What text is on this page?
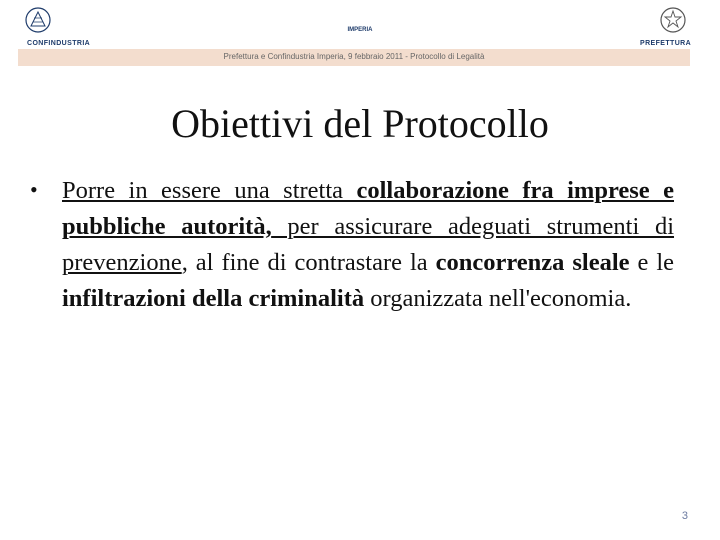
CONFINDUSTRIA
IMPERIA
PREFETTURA
Prefettura e Confindustria Imperia, 9 febbraio 2011 - Protocollo di Legalità
Obiettivi del Protocollo
• Porre in essere una stretta collaborazione fra imprese e pubbliche autorità, per assicurare adeguati strumenti di prevenzione, al fine di contrastare la concorrenza sleale e le infiltrazioni della criminalità organizzata nell'economia.
3
